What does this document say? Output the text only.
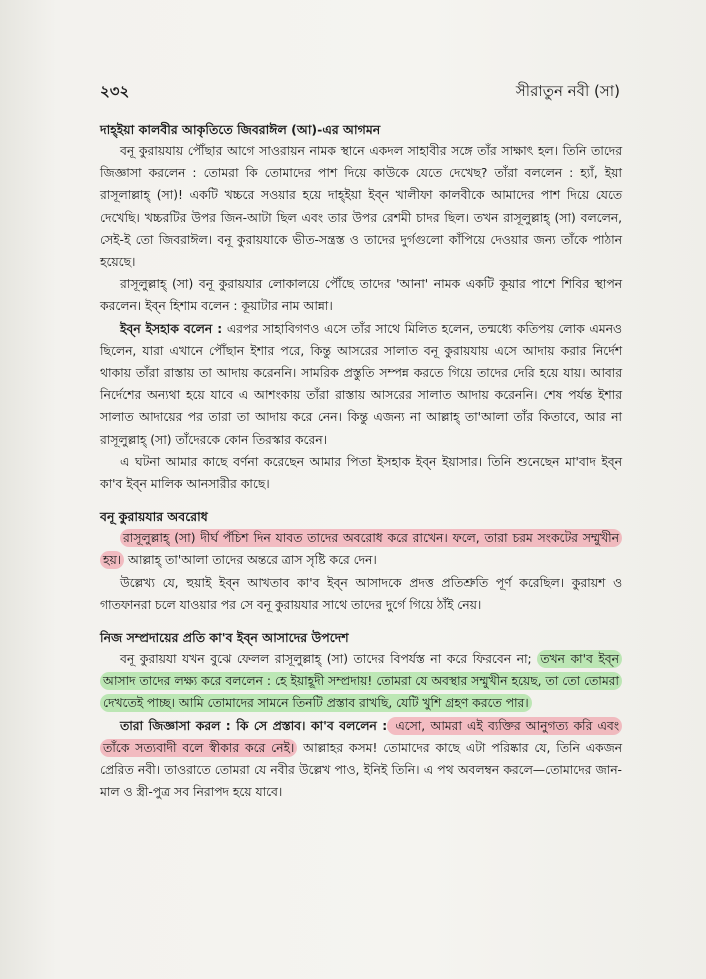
২৩২	সীরাতুন নবী (সা)

দাহ্‌ইয়া কালবীর আকৃতিতে জিবরাঈল (আ)-এর আগমন

বনূ কুরায়যায় পৌঁছার আগে সাওরায়ন নামক স্থানে একদল সাহাবীর সঙ্গে তাঁর সাক্ষাৎ হল। তিনি তাদের জিজ্ঞাসা করলেন : তোমরা কি তোমাদের পাশ দিয়ে কাউকে যেতে দেখেছ? তাঁরা বললেন : হ্যাঁ, ইয়া রাসূলাল্লাহ্‌ (সা)! একটি খচ্চরে সওয়ার হয়ে দাহ্‌ইয়া ইব্‌ন খালীফা কালবীকে আমাদের পাশ দিয়ে যেতে দেখেছি। খচ্চরটির উপর জিন-আটা ছিল এবং তার উপর রেশমী চাদর ছিল। তখন রাসূলুল্লাহ্‌ (সা) বললেন, সেই-ই তো জিবরাঈল। বনূ কুরায়যাকে ভীত-সন্ত্রস্ত ও তাদের দুর্গগুলো কাঁপিয়ে দেওয়ার জন্য তাঁকে পাঠান হয়েছে।

রাসূলুল্লাহ্‌ (সা) বনূ কুরায়যার লোকালয়ে পৌঁছে তাদের 'আনা' নামক একটি কূয়ার পাশে শিবির স্থাপন করলেন। ইব্‌ন হিশাম বলেন : কূয়াটার নাম আন্না।

ইব্‌ন ইসহাক বলেন : এরপর সাহাবিগণও এসে তাঁর সাথে মিলিত হলেন, তন্মধ্যে কতিপয় লোক এমনও ছিলেন, যারা এখানে পৌঁছান ইশার পরে, কিন্তু আসরের সালাত বনূ কুরায়যায় এসে আদায় করার নির্দেশ থাকায় তাঁরা রাস্তায় তা আদায় করেননি। সামরিক প্রস্তুতি সম্পন্ন করতে গিয়ে তাদের দেরি হয়ে যায়। আবার নির্দেশের অন্যথা হয়ে যাবে এ আশংকায় তাঁরা রাস্তায় আসরের সালাত আদায় করেননি। শেষ পর্যন্ত ইশার সালাত আদায়ের পর তারা তা আদায় করে নেন। কিন্তু এজন্য না আল্লাহ্‌ তা'আলা তাঁর কিতাবে, আর না রাসূলুল্লাহ্‌ (সা) তাঁদেরকে কোন তিরস্কার করেন।

এ ঘটনা আমার কাছে বর্ণনা করেছেন আমার পিতা ইসহাক ইব্‌ন ইয়াসার। তিনি শুনেছেন মা'বাদ ইব্‌ন কা'ব ইব্‌ন মালিক আনসারীর কাছে।

বনূ কুরায়যার অবরোধ

রাসূলুল্লাহ্‌ (সা) দীর্ঘ পঁচিশ দিন যাবত তাদের অবরোধ করে রাখেন। ফলে, তারা চরম সংকটের সম্মুখীন হয়। আল্লাহ্‌ তা'আলা তাদের অন্তরে ত্রাস সৃষ্টি করে দেন।

উল্লেখ্য যে, হুয়াই ইব্‌ন আখতাব কা'ব ইব্‌ন আসাদকে প্রদত্ত প্রতিশ্রুতি পূর্ণ করেছিল। কুরায়শ ও গাতফানরা চলে যাওয়ার পর সে বনূ কুরায়যার সাথে তাদের দুর্গে গিয়ে ঠাঁই নেয়।

নিজ সম্প্রদায়ের প্রতি কা'ব ইব্‌ন আসাদের উপদেশ

বনূ কুরায়যা যখন বুঝে ফেলল রাসূলুল্লাহ্‌ (সা) তাদের বিপর্যস্ত না করে ফিরবেন না; তখন কা'ব ইব্‌ন আসাদ তাদের লক্ষ্য করে বললেন : হে ইয়াহূদী সম্প্রদায়! তোমরা যে অবস্থার সম্মুখীন হয়েছ, তা তো তোমরা দেখতেই পাচ্ছ। আমি তোমাদের সামনে তিনটি প্রস্তাব রাখছি, যেটি খুশি গ্রহণ করতে পার।

তারা জিজ্ঞাসা করল : কি সে প্রস্তাব। কা'ব বললেন : এসো, আমরা এই ব্যক্তির আনুগত্য করি এবং তাঁকে সত্যবাদী বলে স্বীকার করে নেই। আল্লাহর কসম! তোমাদের কাছে এটা পরিষ্কার যে, তিনি একজন প্রেরিত নবী। তাওরাতে তোমরা যে নবীর উল্লেখ পাও, ইনিই তিনি। এ পথ অবলম্বন করলে—তোমাদের জান-মাল ও স্ত্রী-পুত্র সব নিরাপদ হয়ে যাবে।
